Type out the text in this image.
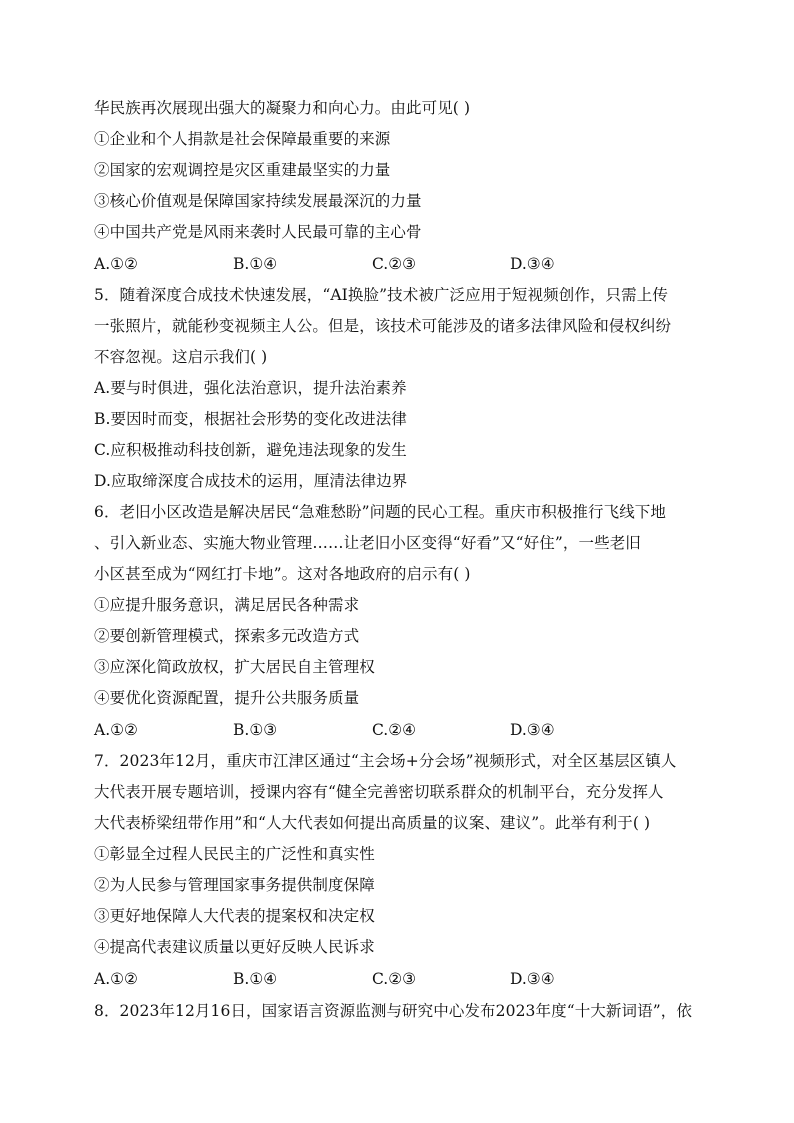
华民族再次展现出强大的凝聚力和向心力。由此可见( )
①企业和个人捐款是社会保障最重要的来源
②国家的宏观调控是灾区重建最坚实的力量
③核心价值观是保障国家持续发展最深沉的力量
④中国共产党是风雨来袭时人民最可靠的主心骨
A.①②	B.①④	C.②③	D.③④
5．随着深度合成技术快速发展，“AI换脸”技术被广泛应用于短视频创作，只需上传
一张照片，就能秒变视频主人公。但是，该技术可能涉及的诸多法律风险和侵权纠纷
不容忽视。这启示我们( )
A.要与时俱进，强化法治意识，提升法治素养
B.要因时而变，根据社会形势的变化改进法律
C.应积极推动科技创新，避免违法现象的发生
D.应取缔深度合成技术的运用，厘清法律边界
6．老旧小区改造是解决居民“急难愁盼”问题的民心工程。重庆市积极推行飞线下地
、引入新业态、实施大物业管理……让老旧小区变得“好看”又“好住”，一些老旧
小区甚至成为“网红打卡地”。这对各地政府的启示有( )
①应提升服务意识，满足居民各种需求
②要创新管理模式，探索多元改造方式
③应深化简政放权，扩大居民自主管理权
④要优化资源配置，提升公共服务质量
A.①②	B.①③	C.②④	D.③④
7．2023年12月，重庆市江津区通过“主会场+分会场”视频形式，对全区基层区镇人
大代表开展专题培训，授课内容有“健全完善密切联系群众的机制平台，充分发挥人
大代表桥梁纽带作用”和“人大代表如何提出高质量的议案、建议”。此举有利于( )
①彰显全过程人民民主的广泛性和真实性
②为人民参与管理国家事务提供制度保障
③更好地保障人大代表的提案权和决定权
④提高代表建议质量以更好反映人民诉求
A.①②	B.①④	C.②③	D.③④
8．2023年12月16日，国家语言资源监测与研究中心发布2023年度“十大新词语”，依
